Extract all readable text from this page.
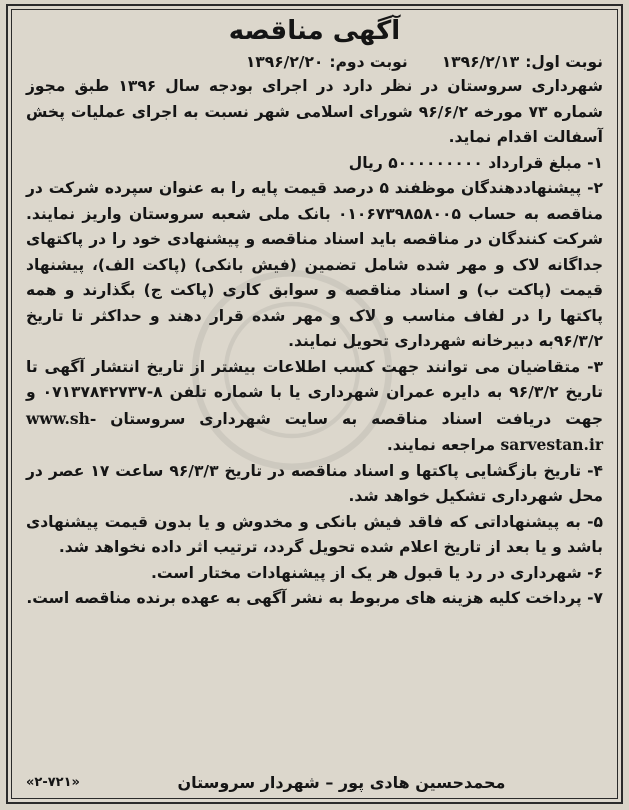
آگهی مناقصه
نوبت اول:۱۳۹۶/۲/۱۳
نوبت دوم:۱۳۹۶/۲/۲۰

شهرداری سروستان در نظر دارد در اجرای بودجه سال ۱۳۹۶ طبق مجوز شماره ۷۳ مورخه ۹۶/۶/۲ شورای اسلامی شهر نسبت به اجرای عملیات پخش آسفالت اقدام نماید.

۱- مبلغ قرارداد ۵۰۰۰۰۰۰۰۰۰ ریال

۲- پیشنهاددهندگان موظفند ۵ درصد قیمت پایه را به عنوان سپرده شرکت در مناقصه به حساب ۰۱۰۶۷۳۹۸۵۸۰۰۵ بانک ملی شعبه سروستان واریز نمایند. شرکت کنندگان در مناقصه باید اسناد مناقصه و پیشنهادی خود را در پاکتهای جداگانه لاک و مهر شده شامل تضمین (فیش بانکی) (پاکت الف)، پیشنهاد قیمت (پاکت ب) و اسناد مناقصه و سوابق کاری (پاکت ج) بگذارند و همه پاکتها را در لفاف مناسب و لاک و مهر شده قرار دهند و حداکثر تا تاریخ ۹۶/۳/۲به دبیرخانه شهرداری تحویل نمایند.

۳- متقاضیان می توانند جهت کسب اطلاعات بیشتر از تاریخ انتشار آگهی تا تاریخ ۹۶/۳/۲ به دایره عمران شهرداری یا با شماره تلفن ۸-۰۷۱۳۷۸۴۲۷۳۷ و جهت دریافت اسناد مناقصه به سایت شهرداری سروستان www.sh-sarvestan.ir مراجعه نمایند.

۴- تاریخ بازگشایی پاکتها و اسناد مناقصه در تاریخ ۹۶/۳/۳ ساعت ۱۷ عصر در محل شهرداری تشکیل خواهد شد.

۵- به پیشنهاداتی که فاقد فیش بانکی و مخدوش و یا بدون قیمت پیشنهادی باشد و یا بعد از تاریخ اعلام شده تحویل گردد، ترتیب اثر داده نخواهد شد.

۶- شهرداری در رد یا قبول هر یک از پیشنهادات مختار است.

۷- پرداخت کلیه هزینه های مربوط به نشر آگهی به عهده برنده مناقصه است.

محمدحسین هادی پور – شهردار سروستان
«۲-۷۲۱»
